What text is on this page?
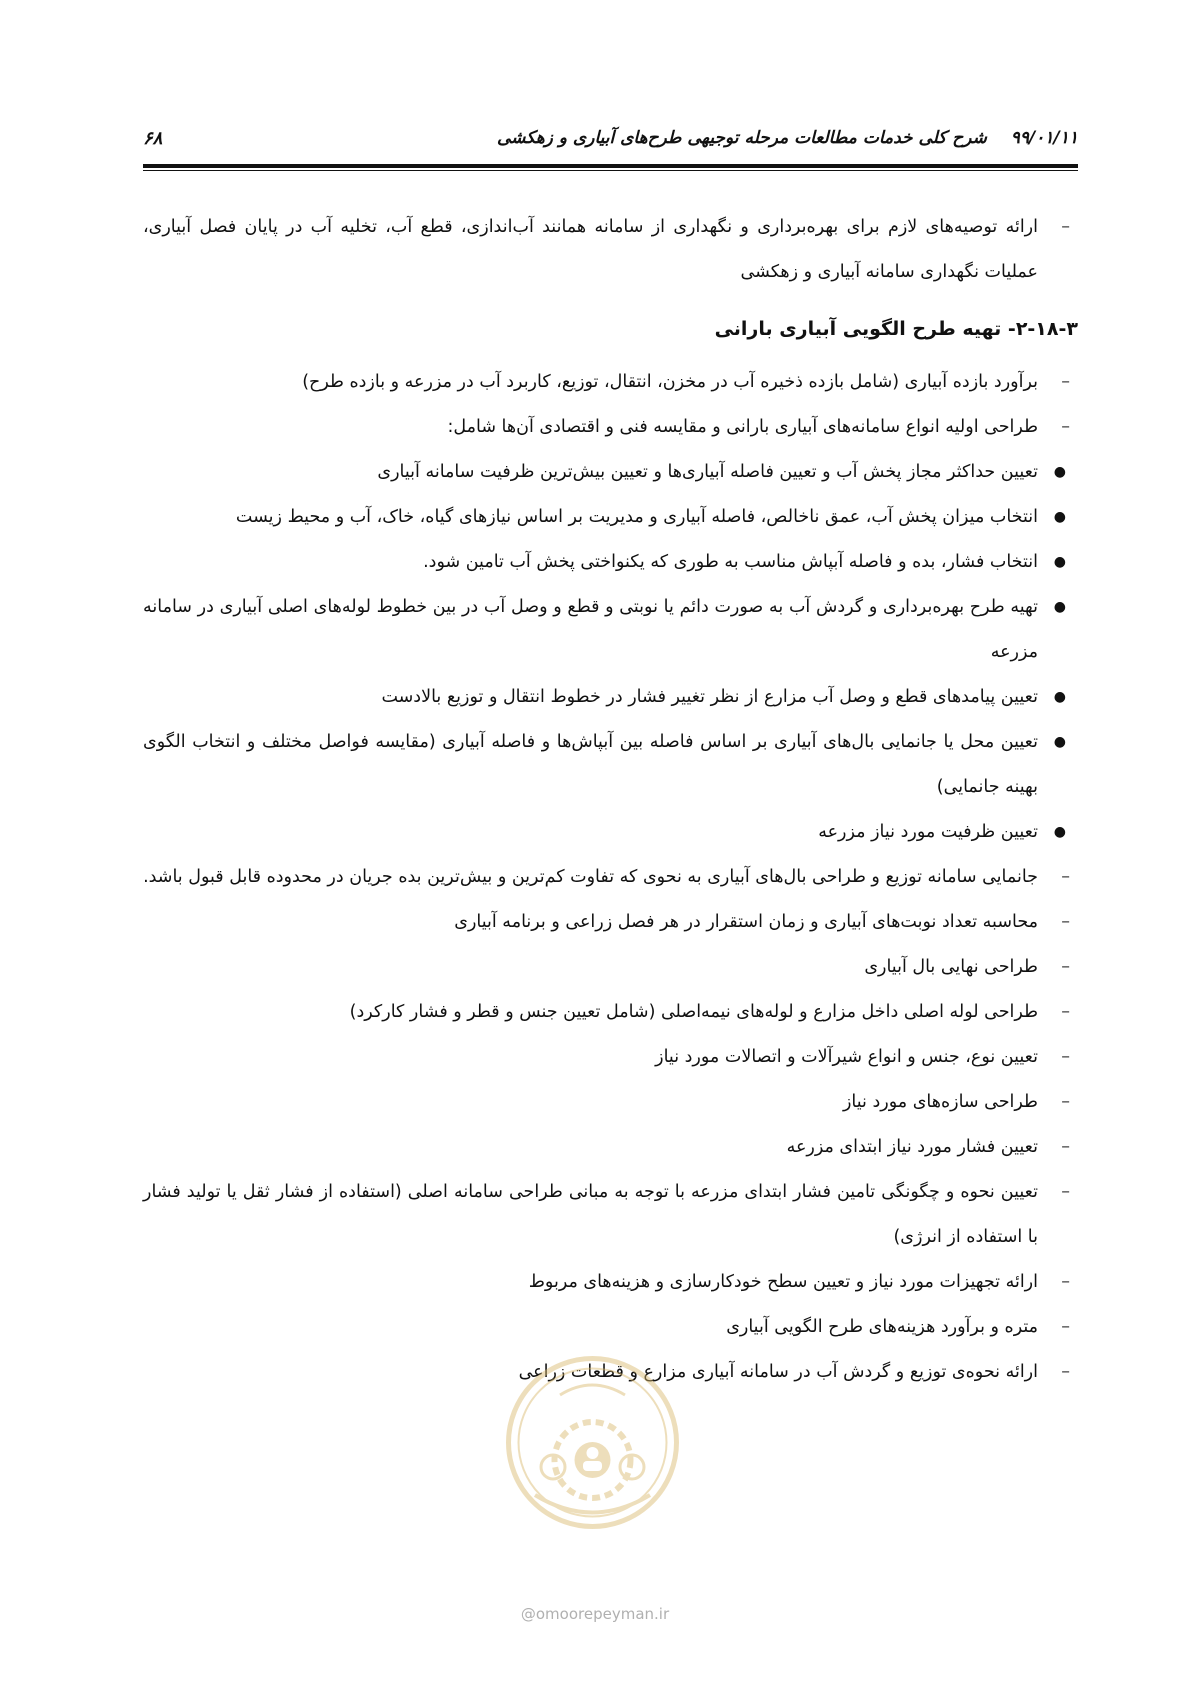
۹۹/۰۱/۱۱ شرح کلی خدمات مطالعات مرحله توجیهی طرح‌های آبیاری و زهکشی
۶۸
–
ارائه توصیه‌های لازم برای بهره‌برداری و نگهداری از سامانه همانند آب‌اندازی، قطع آب، تخلیه آب در پایان فصل آبیاری، عملیات نگهداری سامانه آبیاری و زهکشی
۲-۱۸-۳- تهیه طرح الگویی آبیاری بارانی
–
برآورد بازده آبیاری (شامل بازده ذخیره آب در مخزن، انتقال، توزیع، کاربرد آب در مزرعه و بازده طرح)
–
طراحی اولیه انواع سامانه‌های آبیاری بارانی و مقایسه فنی و اقتصادی آن‌ها شامل:
●
تعیین حداکثر مجاز پخش آب و تعیین فاصله آبیاری‌ها و تعیین بیش‌ترین ظرفیت سامانه آبیاری
●
انتخاب میزان پخش آب، عمق ناخالص، فاصله آبیاری و مدیریت بر اساس نیازهای گیاه، خاک، آب و محیط زیست
●
انتخاب فشار، بده و فاصله آبپاش مناسب به طوری که یکنواختی پخش آب تامین شود.
●
تهیه طرح بهره‌برداری و گردش آب به صورت دائم یا نوبتی و قطع و وصل آب در بین خطوط لوله‌های اصلی آبیاری در سامانه مزرعه
●
تعیین پیامدهای قطع و وصل آب مزارع از نظر تغییر فشار در خطوط انتقال و توزیع بالادست
●
تعیین محل یا جانمایی بال‌های آبیاری بر اساس فاصله بین آبپاش‌ها و فاصله آبیاری (مقایسه فواصل مختلف و انتخاب الگوی بهینه جانمایی)
●
تعیین ظرفیت مورد نیاز مزرعه
–
جانمایی سامانه توزیع و طراحی بال‌های آبیاری به نحوی که تفاوت کم‌ترین و بیش‌ترین بده جریان در محدوده قابل قبول باشد.
–
محاسبه تعداد نوبت‌های آبیاری و زمان استقرار در هر فصل زراعی و برنامه آبیاری
–
طراحی نهایی بال آبیاری
–
طراحی لوله اصلی داخل مزارع و لوله‌های نیمه‌اصلی (شامل تعیین جنس و قطر و فشار کارکرد)
–
تعیین نوع، جنس و انواع شیرآلات و اتصالات مورد نیاز
–
طراحی سازه‌های مورد نیاز
–
تعیین فشار مورد نیاز ابتدای مزرعه
–
تعیین نحوه و چگونگی تامین فشار ابتدای مزرعه با توجه به مبانی طراحی سامانه اصلی (استفاده از فشار ثقل یا تولید فشار با استفاده از انرژی)
–
ارائه تجهیزات مورد نیاز و تعیین سطح خودکارسازی و هزینه‌های مربوط
–
متره و برآورد هزینه‌های طرح الگویی آبیاری
–
ارائه نحوه‌ی توزیع و گردش آب در سامانه آبیاری مزارع و قطعات زراعی
@omoorepeyman.ir
